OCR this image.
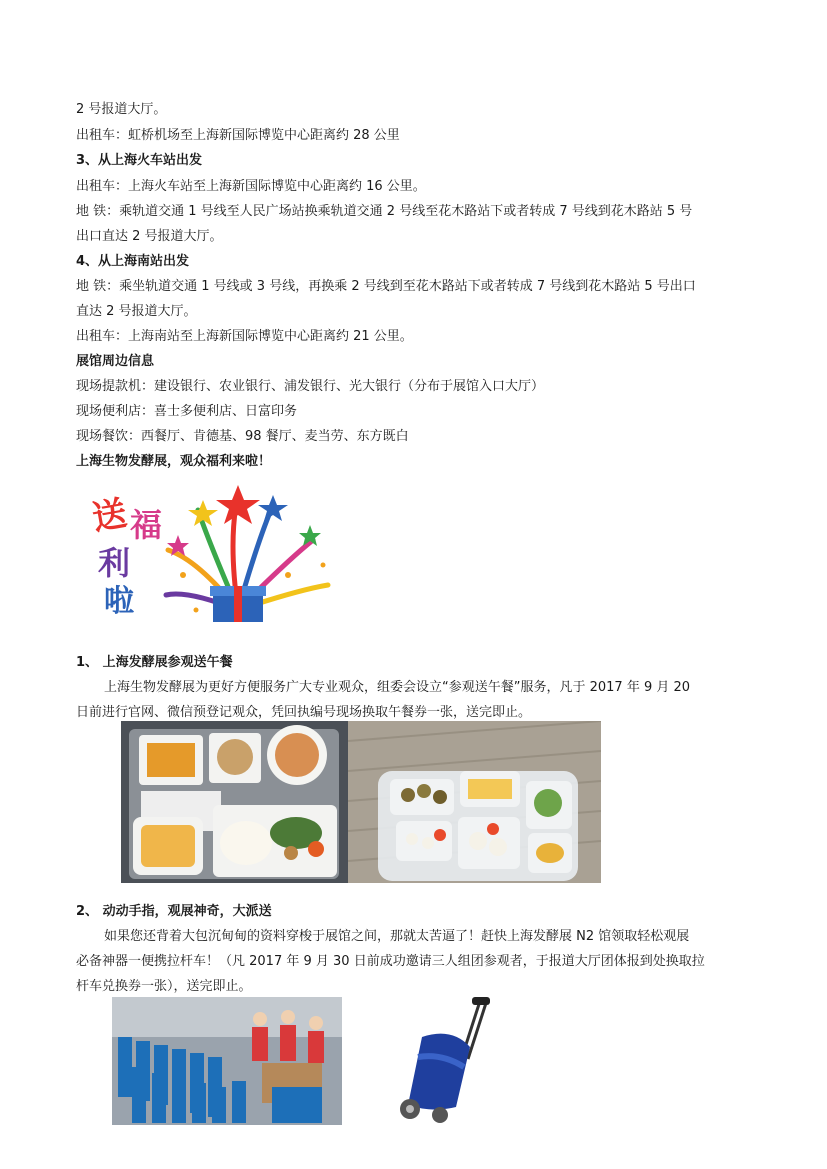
2 号报道大厅。
出租车：虹桥机场至上海新国际博览中心距离约 28 公里
3、从上海火车站出发
出租车：上海火车站至上海新国际博览中心距离约 16 公里。
地 铁：乘轨道交通 1 号线至人民广场站换乘轨道交通 2 号线至花木路站下或者转成 7 号线到花木路站 5 号
出口直达 2 号报道大厅。
4、从上海南站出发
地 铁：乘坐轨道交通 1 号线或 3 号线，再换乘 2 号线到至花木路站下或者转成 7 号线到花木路站 5 号出口
直达 2 号报道大厅。
出租车：上海南站至上海新国际博览中心距离约 21 公里。
展馆周边信息
现场提款机：建设银行、农业银行、浦发银行、光大银行（分布于展馆入口大厅）
现场便利店：喜士多便利店、日富印务
现场餐饮：西餐厅、肯德基、98 餐厅、麦当劳、东方既白
上海生物发酵展，观众福利来啦！
送 福
利
啦
1、 上海发酵展参观送午餐
上海生物发酵展为更好方便服务广大专业观众，组委会设立“参观送午餐”服务，凡于 2017 年 9 月 20
日前进行官网、微信预登记观众，凭回执编号现场换取午餐券一张，送完即止。
2、 动动手指，观展神奇，大派送
如果您还背着大包沉甸甸的资料穿梭于展馆之间，那就太苦逼了！赶快上海发酵展 N2 馆领取轻松观展
必备神器一便携拉杆车！（凡 2017 年 9 月 30 日前成功邀请三人组团参观者，于报道大厅团体报到处换取拉
杆车兑换券一张），送完即止。
